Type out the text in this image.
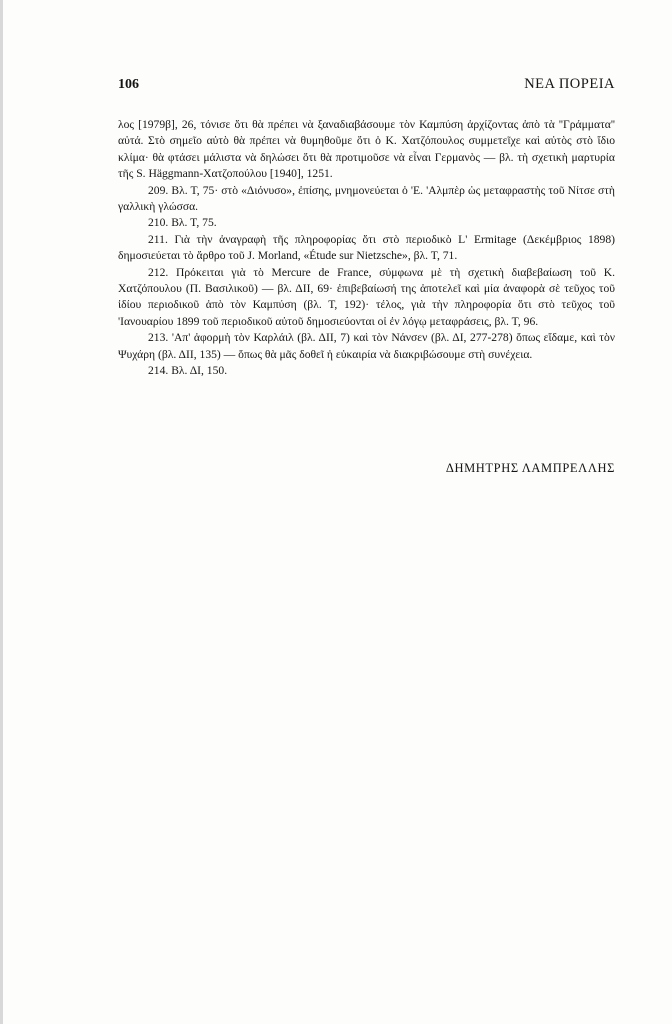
106	ΝΕΑ ΠΟΡΕΙΑ

λος [1979β], 26, τόνισε ὅτι θὰ πρέπει νὰ ξαναδιαβάσουμε τὸν Καμπύση ἀρχίζοντας ἀπὸ τὰ ''Γράμματα'' αὐτά. Στὸ σημεῖο αὐτὸ θὰ πρέπει νὰ θυμηθοῦμε ὅτι ὁ Κ. Χατζόπουλος συμμετεῖχε καὶ αὐτὸς στὸ ἴδιο κλίμα· θὰ φτάσει μάλιστα νὰ δηλώσει ὅτι θὰ προτιμοῦσε νὰ εἶναι Γερμανὸς — βλ. τὴ σχετικὴ μαρτυρία τῆς S. Häggmann-Χατζοπούλου [1940], 1251.

209. Βλ. Τ, 75· στὸ «Διόνυσο», ἐπίσης, μνημονεύεται ὁ 'Ε. 'Αλμπὲρ ὡς μεταφραστὴς τοῦ Νίτσε στὴ γαλλικὴ γλώσσα.

210. Βλ. Τ, 75.

211. Γιὰ τὴν ἀναγραφὴ τῆς πληροφορίας ὅτι στὸ περιοδικὸ L' Ermitage (Δεκέμβριος 1898) δημοσιεύεται τὸ ἄρθρο τοῦ J. Morland, «Étude sur Nietzsche», βλ. Τ, 71.

212. Πρόκειται γιὰ τὸ Mercure de France, σύμφωνα μὲ τὴ σχετικὴ διαβεβαίωση τοῦ Κ. Χατζόπουλου (Π. Βασιλικοῦ) — βλ. ΔΙΙ, 69· ἐπιβεβαίωσή της ἀποτελεῖ καὶ μία ἀναφορὰ σὲ τεῦχος τοῦ ἰδίου περιοδικοῦ ἀπὸ τὸν Καμπύση (βλ. Τ, 192)· τέλος, γιὰ τὴν πληροφορία ὅτι στὸ τεῦχος τοῦ 'Ιανουαρίου 1899 τοῦ περιοδικοῦ αὐτοῦ δημοσιεύονται οἱ ἐν λόγῳ μεταφράσεις, βλ. Τ, 96.

213. 'Απ' ἀφορμὴ τὸν Καρλάιλ (βλ. ΔΙΙ, 7) καὶ τὸν Νάνσεν (βλ. ΔΙ, 277-278) ὅπως εἴδαμε, καὶ τὸν Ψυχάρη (βλ. ΔΙΙ, 135) — ὅπως θὰ μᾶς δοθεῖ ἡ εὐκαιρία νὰ διακριβώσουμε στὴ συνέχεια.

214. Βλ. ΔΙ, 150.

ΔΗΜΗΤΡΗΣ ΛΑΜΠΡΕΛΛΗΣ
